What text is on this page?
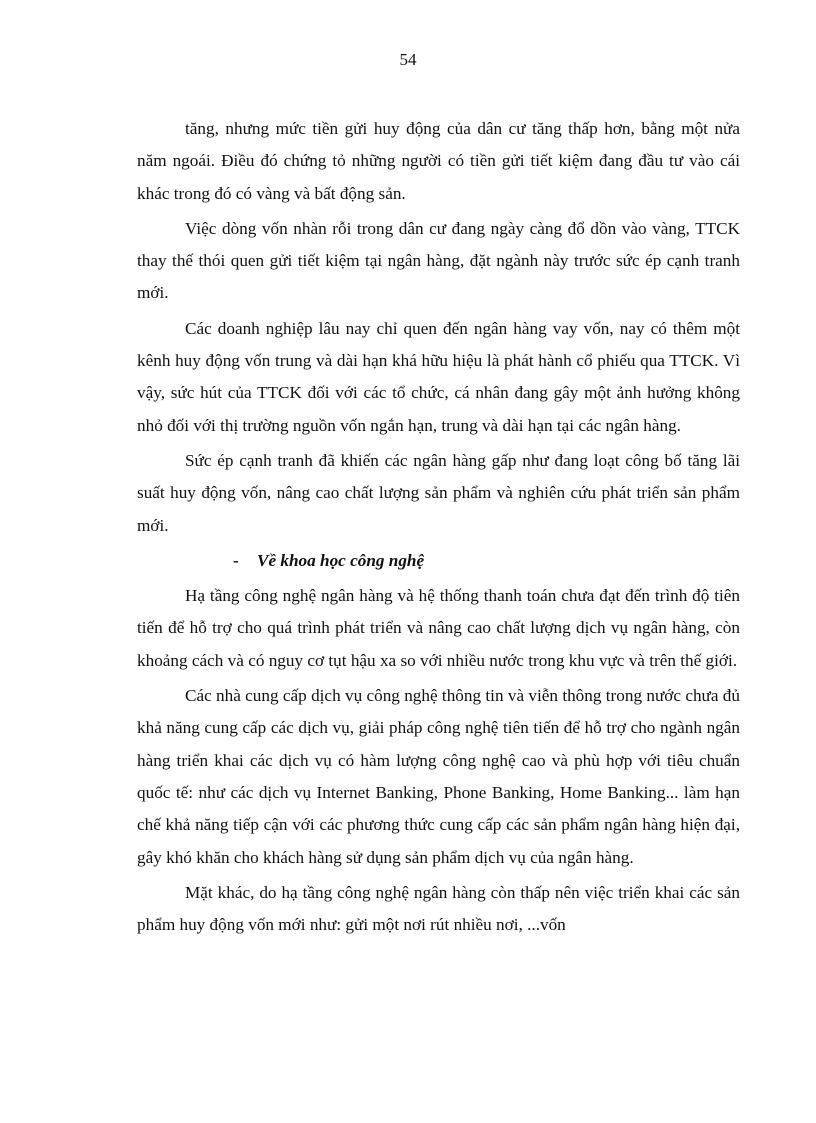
54

tăng, nhưng mức tiền gửi huy động của dân cư tăng thấp hơn, bằng một nửa năm ngoái. Điều đó chứng tỏ những người có tiền gửi tiết kiệm đang đầu tư vào cái khác trong đó có vàng và bất động sản.

Việc dòng vốn nhàn rỗi trong dân cư đang ngày càng đổ dồn vào vàng, TTCK thay thế thói quen gửi tiết kiệm tại ngân hàng, đặt ngành này trước sức ép cạnh tranh mới.

Các doanh nghiệp lâu nay chỉ quen đến ngân hàng vay vốn, nay có thêm một kênh huy động vốn trung và dài hạn khá hữu hiệu là phát hành cổ phiếu qua TTCK. Vì vậy, sức hút của TTCK đối với các tổ chức, cá nhân đang gây một ảnh hưởng không nhỏ đối với thị trường nguồn vốn ngắn hạn, trung và dài hạn tại các ngân hàng.

Sức ép cạnh tranh đã khiến các ngân hàng gấp như đang loạt công bố tăng lãi suất huy động vốn, nâng cao chất lượng sản phẩm và nghiên cứu phát triển sản phẩm mới.

- Về khoa học công nghệ

Hạ tầng công nghệ ngân hàng và hệ thống thanh toán chưa đạt đến trình độ tiên tiến để hỗ trợ cho quá trình phát triển và nâng cao chất lượng dịch vụ ngân hàng, còn khoảng cách và có nguy cơ tụt hậu xa so với nhiều nước trong khu vực và trên thế giới.

Các nhà cung cấp dịch vụ công nghệ thông tin và viễn thông trong nước chưa đủ khả năng cung cấp các dịch vụ, giải pháp công nghệ tiên tiến để hỗ trợ cho ngành ngân hàng triển khai các dịch vụ có hàm lượng công nghệ cao và phù hợp với tiêu chuẩn quốc tế: như các dịch vụ Internet Banking, Phone Banking, Home Banking... làm hạn chế khả năng tiếp cận với các phương thức cung cấp các sản phẩm ngân hàng hiện đại, gây khó khăn cho khách hàng sử dụng sản phẩm dịch vụ của ngân hàng.

Mặt khác, do hạ tầng công nghệ ngân hàng còn thấp nên việc triển khai các sản phẩm huy động vốn mới như: gửi một nơi rút nhiều nơi, ...vốn
